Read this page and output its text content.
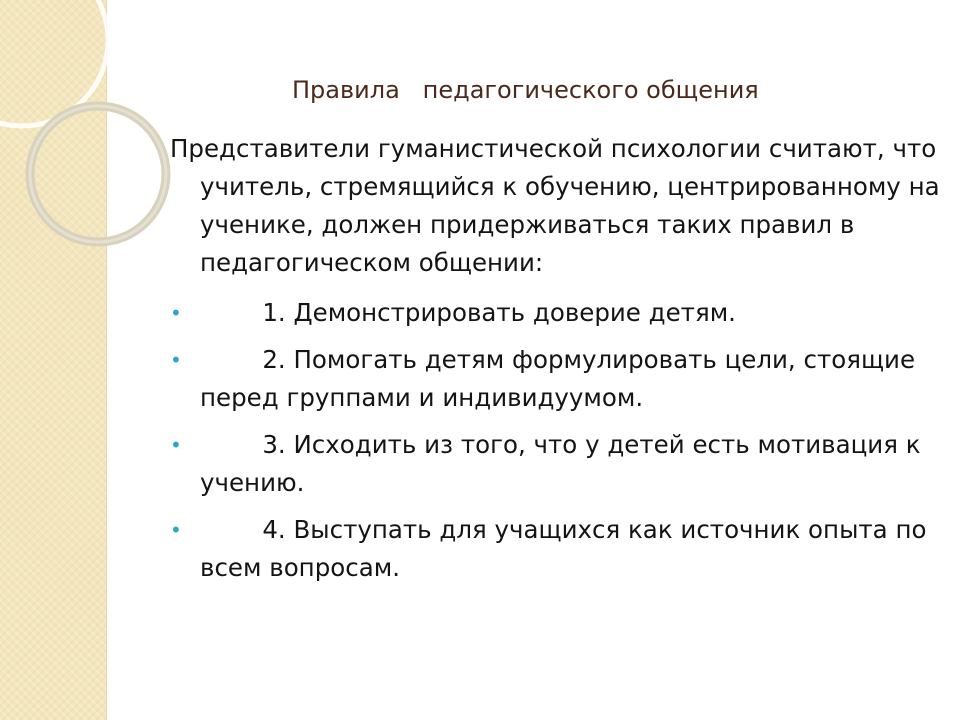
Правила   педагогического общения

Представители гуманистической психологии считают, что учитель, стремящийся к обучению, центрированному на ученике, должен придерживаться таких правил в педагогическом общении:

•	1. Демонстрировать доверие детям.
•	2. Помогать детям формулировать цели, стоящие перед группами и индивидуумом.
•	3. Исходить из того, что у детей есть мотивация к учению.
•	4. Выступать для учащихся как источник опыта по всем вопросам.
